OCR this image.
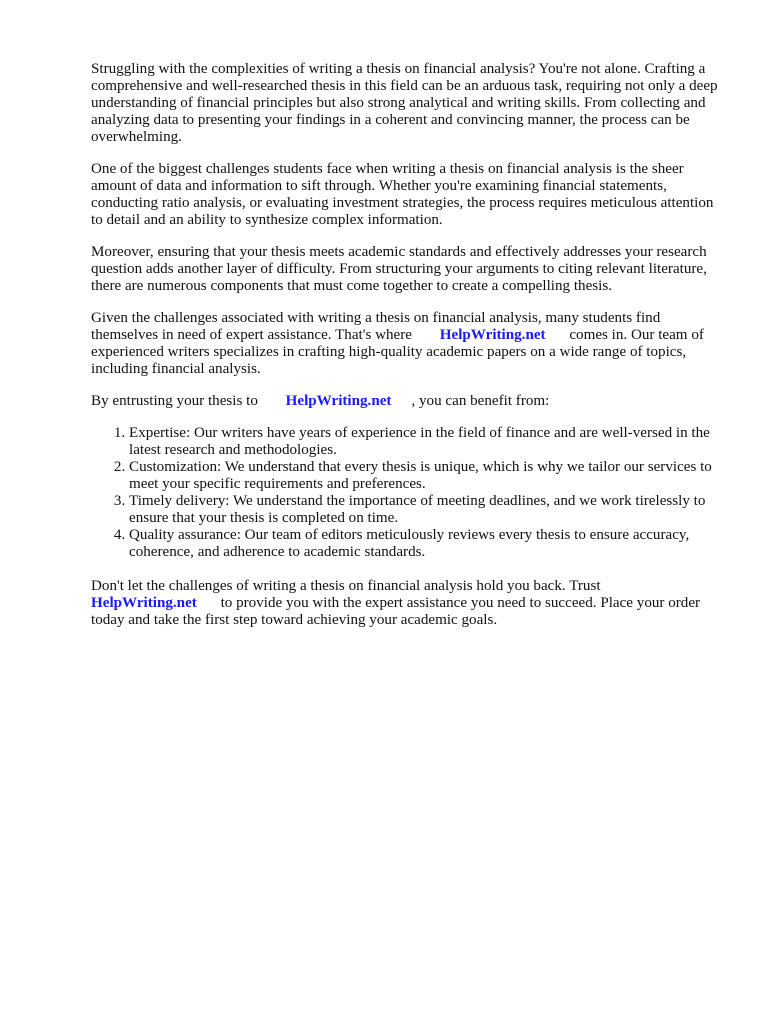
Struggling with the complexities of writing a thesis on financial analysis? You're not alone. Crafting a comprehensive and well-researched thesis in this field can be an arduous task, requiring not only a deep understanding of financial principles but also strong analytical and writing skills. From collecting and analyzing data to presenting your findings in a coherent and convincing manner, the process can be overwhelming.

One of the biggest challenges students face when writing a thesis on financial analysis is the sheer amount of data and information to sift through. Whether you're examining financial statements, conducting ratio analysis, or evaluating investment strategies, the process requires meticulous attention to detail and an ability to synthesize complex information.

Moreover, ensuring that your thesis meets academic standards and effectively addresses your research question adds another layer of difficulty. From structuring your arguments to citing relevant literature, there are numerous components that must come together to create a compelling thesis.

Given the challenges associated with writing a thesis on financial analysis, many students find themselves in need of expert assistance. That's where HelpWriting.net comes in. Our team of experienced writers specializes in crafting high-quality academic papers on a wide range of topics, including financial analysis.

By entrusting your thesis to HelpWriting.net , you can benefit from:

1. Expertise: Our writers have years of experience in the field of finance and are well-versed in the latest research and methodologies.
2. Customization: We understand that every thesis is unique, which is why we tailor our services to meet your specific requirements and preferences.
3. Timely delivery: We understand the importance of meeting deadlines, and we work tirelessly to ensure that your thesis is completed on time.
4. Quality assurance: Our team of editors meticulously reviews every thesis to ensure accuracy, coherence, and adherence to academic standards.

Don't let the challenges of writing a thesis on financial analysis hold you back. Trust HelpWriting.net to provide you with the expert assistance you need to succeed. Place your order today and take the first step toward achieving your academic goals.
